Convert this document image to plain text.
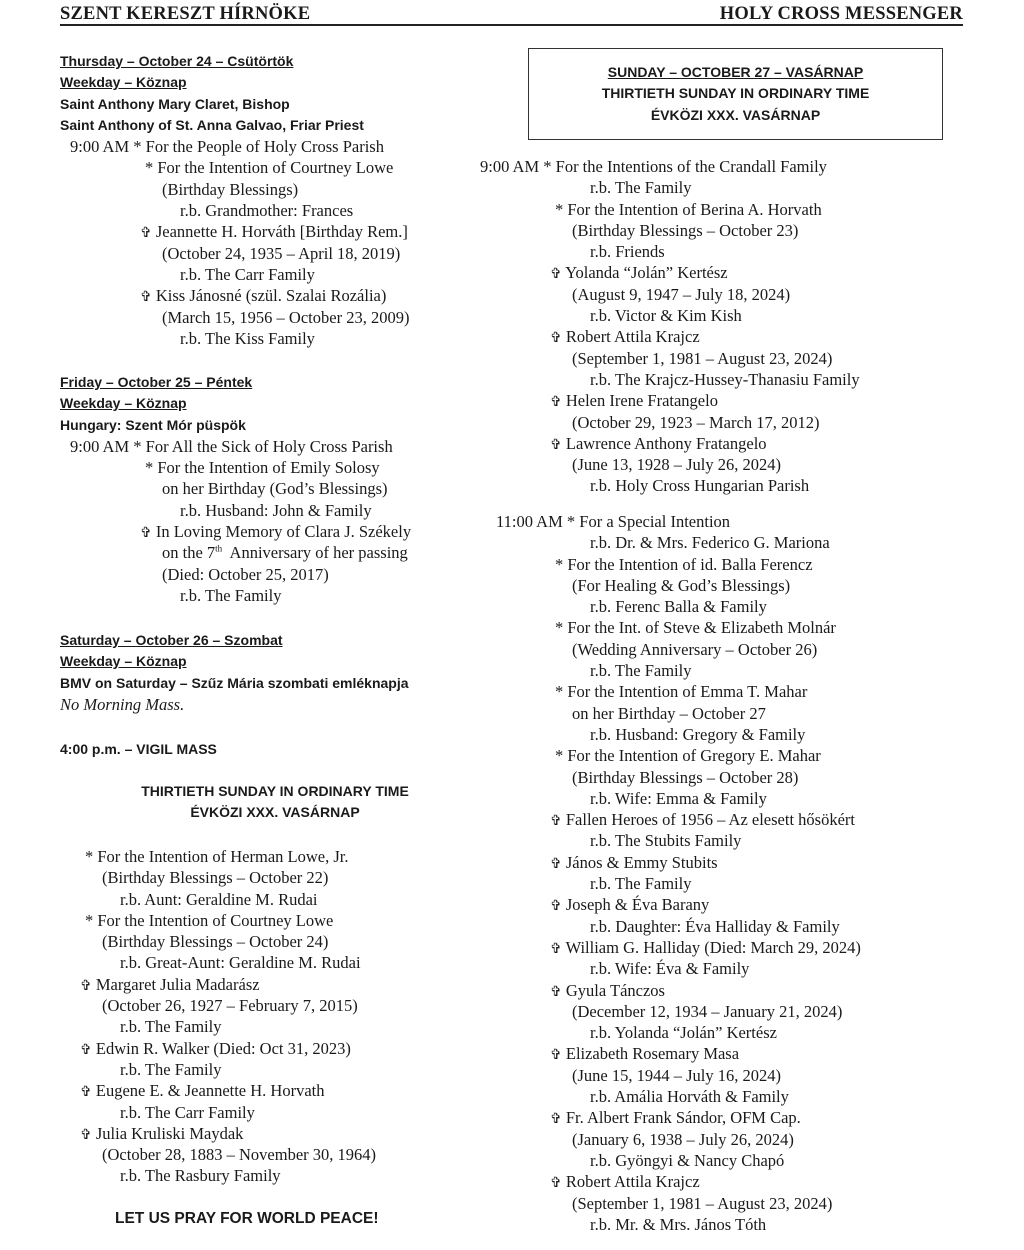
SZENT KERESZT HÍRNÖKE	HOLY CROSS MESSENGER
Thursday – October 24 – Csütörtök
Weekday – Köznap
Saint Anthony Mary Claret, Bishop
Saint Anthony of St. Anna Galvao, Friar Priest
9:00 AM * For the People of Holy Cross Parish
* For the Intention of Courtney Lowe
(Birthday Blessings)
r.b. Grandmother: Frances
✞ Jeannette H. Horváth [Birthday Rem.]
(October 24, 1935 – April 18, 2019)
r.b. The Carr Family
✞ Kiss Jánosné (szül. Szalai Rozália)
(March 15, 1956 – October 23, 2009)
r.b. The Kiss Family
Friday – October 25 – Péntek
Weekday – Köznap
Hungary: Szent Mór püspök
9:00 AM * For All the Sick of Holy Cross Parish
* For the Intention of Emily Solosy
on her Birthday (God’s Blessings)
r.b. Husband: John & Family
✞ In Loving Memory of Clara J. Székely
on the 7th  Anniversary of her passing
(Died: October 25, 2017)
r.b. The Family
Saturday – October 26 – Szombat
Weekday – Köznap
BMV on Saturday – Szűz Mária szombati emléknapja
No Morning Mass.
4:00 p.m. – VIGIL MASS
THIRTIETH SUNDAY IN ORDINARY TIME
ÉVKÖZI XXX. VASÁRNAP
* For the Intention of Herman Lowe, Jr.
(Birthday Blessings – October 22)
r.b. Aunt: Geraldine M. Rudai
* For the Intention of Courtney Lowe
(Birthday Blessings – October 24)
r.b. Great-Aunt: Geraldine M. Rudai
✞ Margaret Julia Madarász
(October 26, 1927 – February 7, 2015)
r.b. The Family
✞ Edwin R. Walker (Died: Oct 31, 2023)
r.b. The Family
✞ Eugene E. & Jeannette H. Horvath
r.b. The Carr Family
✞ Julia Kruliski Maydak
(October 28, 1883 – November 30, 1964)
r.b. The Rasbury Family
SUNDAY – OCTOBER 27 – VASÁRNAP
THIRTIETH SUNDAY IN ORDINARY TIME
ÉVKÖZI XXX. VASÁRNAP
9:00 AM * For the Intentions of the Crandall Family
r.b. The Family
* For the Intention of Berina A. Horvath
(Birthday Blessings – October 23)
r.b. Friends
✞ Yolanda “Jolán” Kertész
(August 9, 1947 – July 18, 2024)
r.b. Victor & Kim Kish
✞ Robert Attila Krajcz
(September 1, 1981 – August 23, 2024)
r.b. The Krajcz-Hussey-Thanasiu Family
✞ Helen Irene Fratangelo
(October 29, 1923 – March 17, 2012)
✞ Lawrence Anthony Fratangelo
(June 13, 1928 – July 26, 2024)
r.b. Holy Cross Hungarian Parish
11:00 AM * For a Special Intention
r.b. Dr. & Mrs. Federico G. Mariona
* For the Intention of id. Balla Ferencz
(For Healing & God’s Blessings)
r.b. Ferenc Balla & Family
* For the Int. of Steve & Elizabeth Molnár
(Wedding Anniversary – October 26)
r.b. The Family
* For the Intention of Emma T. Mahar
on her Birthday – October 27
r.b. Husband: Gregory & Family
* For the Intention of Gregory E. Mahar
(Birthday Blessings – October 28)
r.b. Wife: Emma & Family
✞ Fallen Heroes of 1956 – Az elesett hősökért
r.b. The Stubits Family
✞ János & Emmy Stubits
r.b. The Family
✞ Joseph & Éva Barany
r.b. Daughter: Éva Halliday & Family
✞ William G. Halliday (Died: March 29, 2024)
r.b. Wife: Éva & Family
✞ Gyula Tánczos
(December 12, 1934 – January 21, 2024)
r.b. Yolanda “Jolán” Kertész
✞ Elizabeth Rosemary Masa
(June 15, 1944 – July 16, 2024)
r.b. Amália Horváth & Family
✞ Fr. Albert Frank Sándor, OFM Cap.
(January 6, 1938 – July 26, 2024)
r.b. Gyöngyi & Nancy Chapó
✞ Robert Attila Krajcz
(September 1, 1981 – August 23, 2024)
r.b. Mr. & Mrs. János Tóth
LET US PRAY FOR WORLD PEACE!
